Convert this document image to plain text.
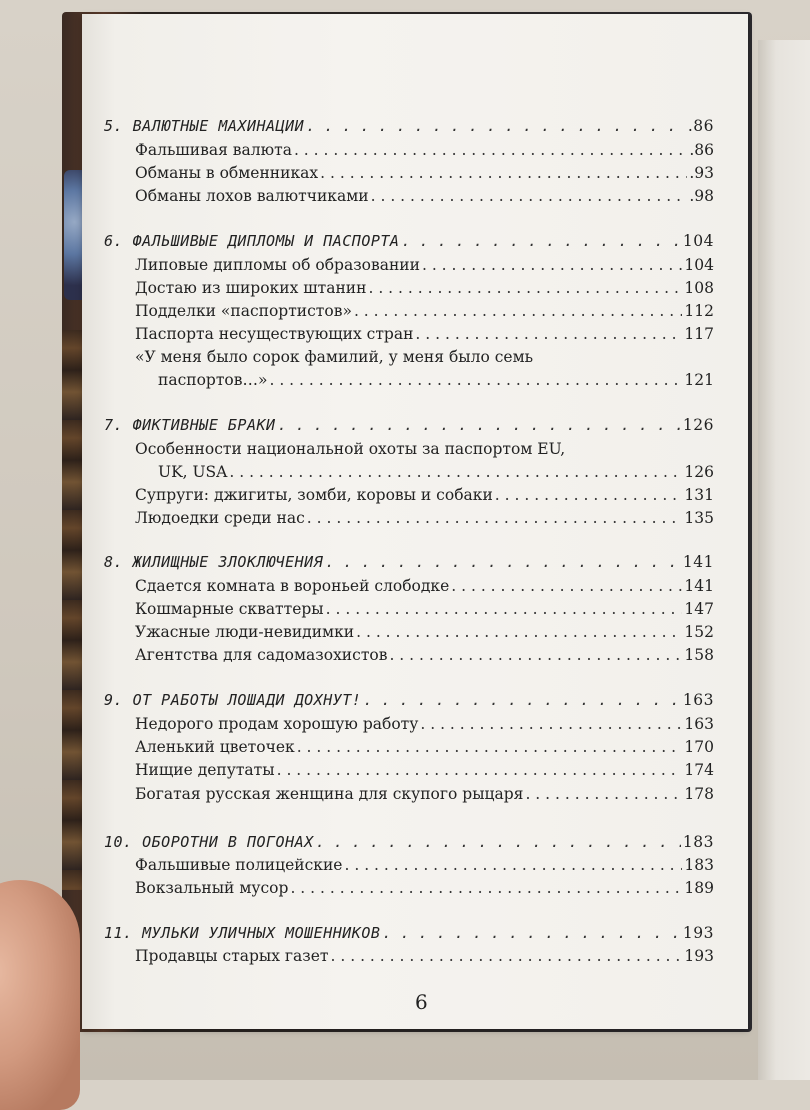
5. ВАЛЮТНЫЕ МАХИНАЦИИ . . .	.86
Фальшивая валюта . . .	.86
Обманы в обменниках . . .	.93
Обманы лохов валютчиками . . .	.98
6. ФАЛЬШИВЫЕ ДИПЛОМЫ И ПАСПОРТА . . .	104
Липовые дипломы об образовании . . .	104
Достаю из широких штанин . . .	108
Подделки «паспортистов» . . .	112
Паспорта несуществующих стран . . .	117
«У меня было сорок фамилий, у меня было семь
паспортов…» . . .	121
7. ФИКТИВНЫЕ БРАКИ . . .	126
Особенности национальной охоты за паспортом EU,
UK, USA . . .	126
Супруги: джигиты, зомби, коровы и собаки . . .	131
Людоедки среди нас . . .	135
8. ЖИЛИЩНЫЕ ЗЛОКЛЮЧЕНИЯ . . .	141
Сдается комната в вороньей слободке . . .	141
Кошмарные скваттеры . . .	147
Ужасные люди-невидимки . . .	152
Агентства для садомазохистов . . .	158
9. ОТ РАБОТЫ ЛОШАДИ ДОХНУТ! . . .	163
Недорого продам хорошую работу . . .	163
Аленький цветочек . . .	170
Нищие депутаты . . .	174
Богатая русская женщина для скупого рыцаря . . .	178
10. ОБОРОТНИ В ПОГОНАХ . . .	183
Фальшивые полицейские . . .	183
Вокзальный мусор . . .	189
11. МУЛЬКИ УЛИЧНЫХ МОШЕННИКОВ . . .	193
Продавцы старых газет . . .	193
6
